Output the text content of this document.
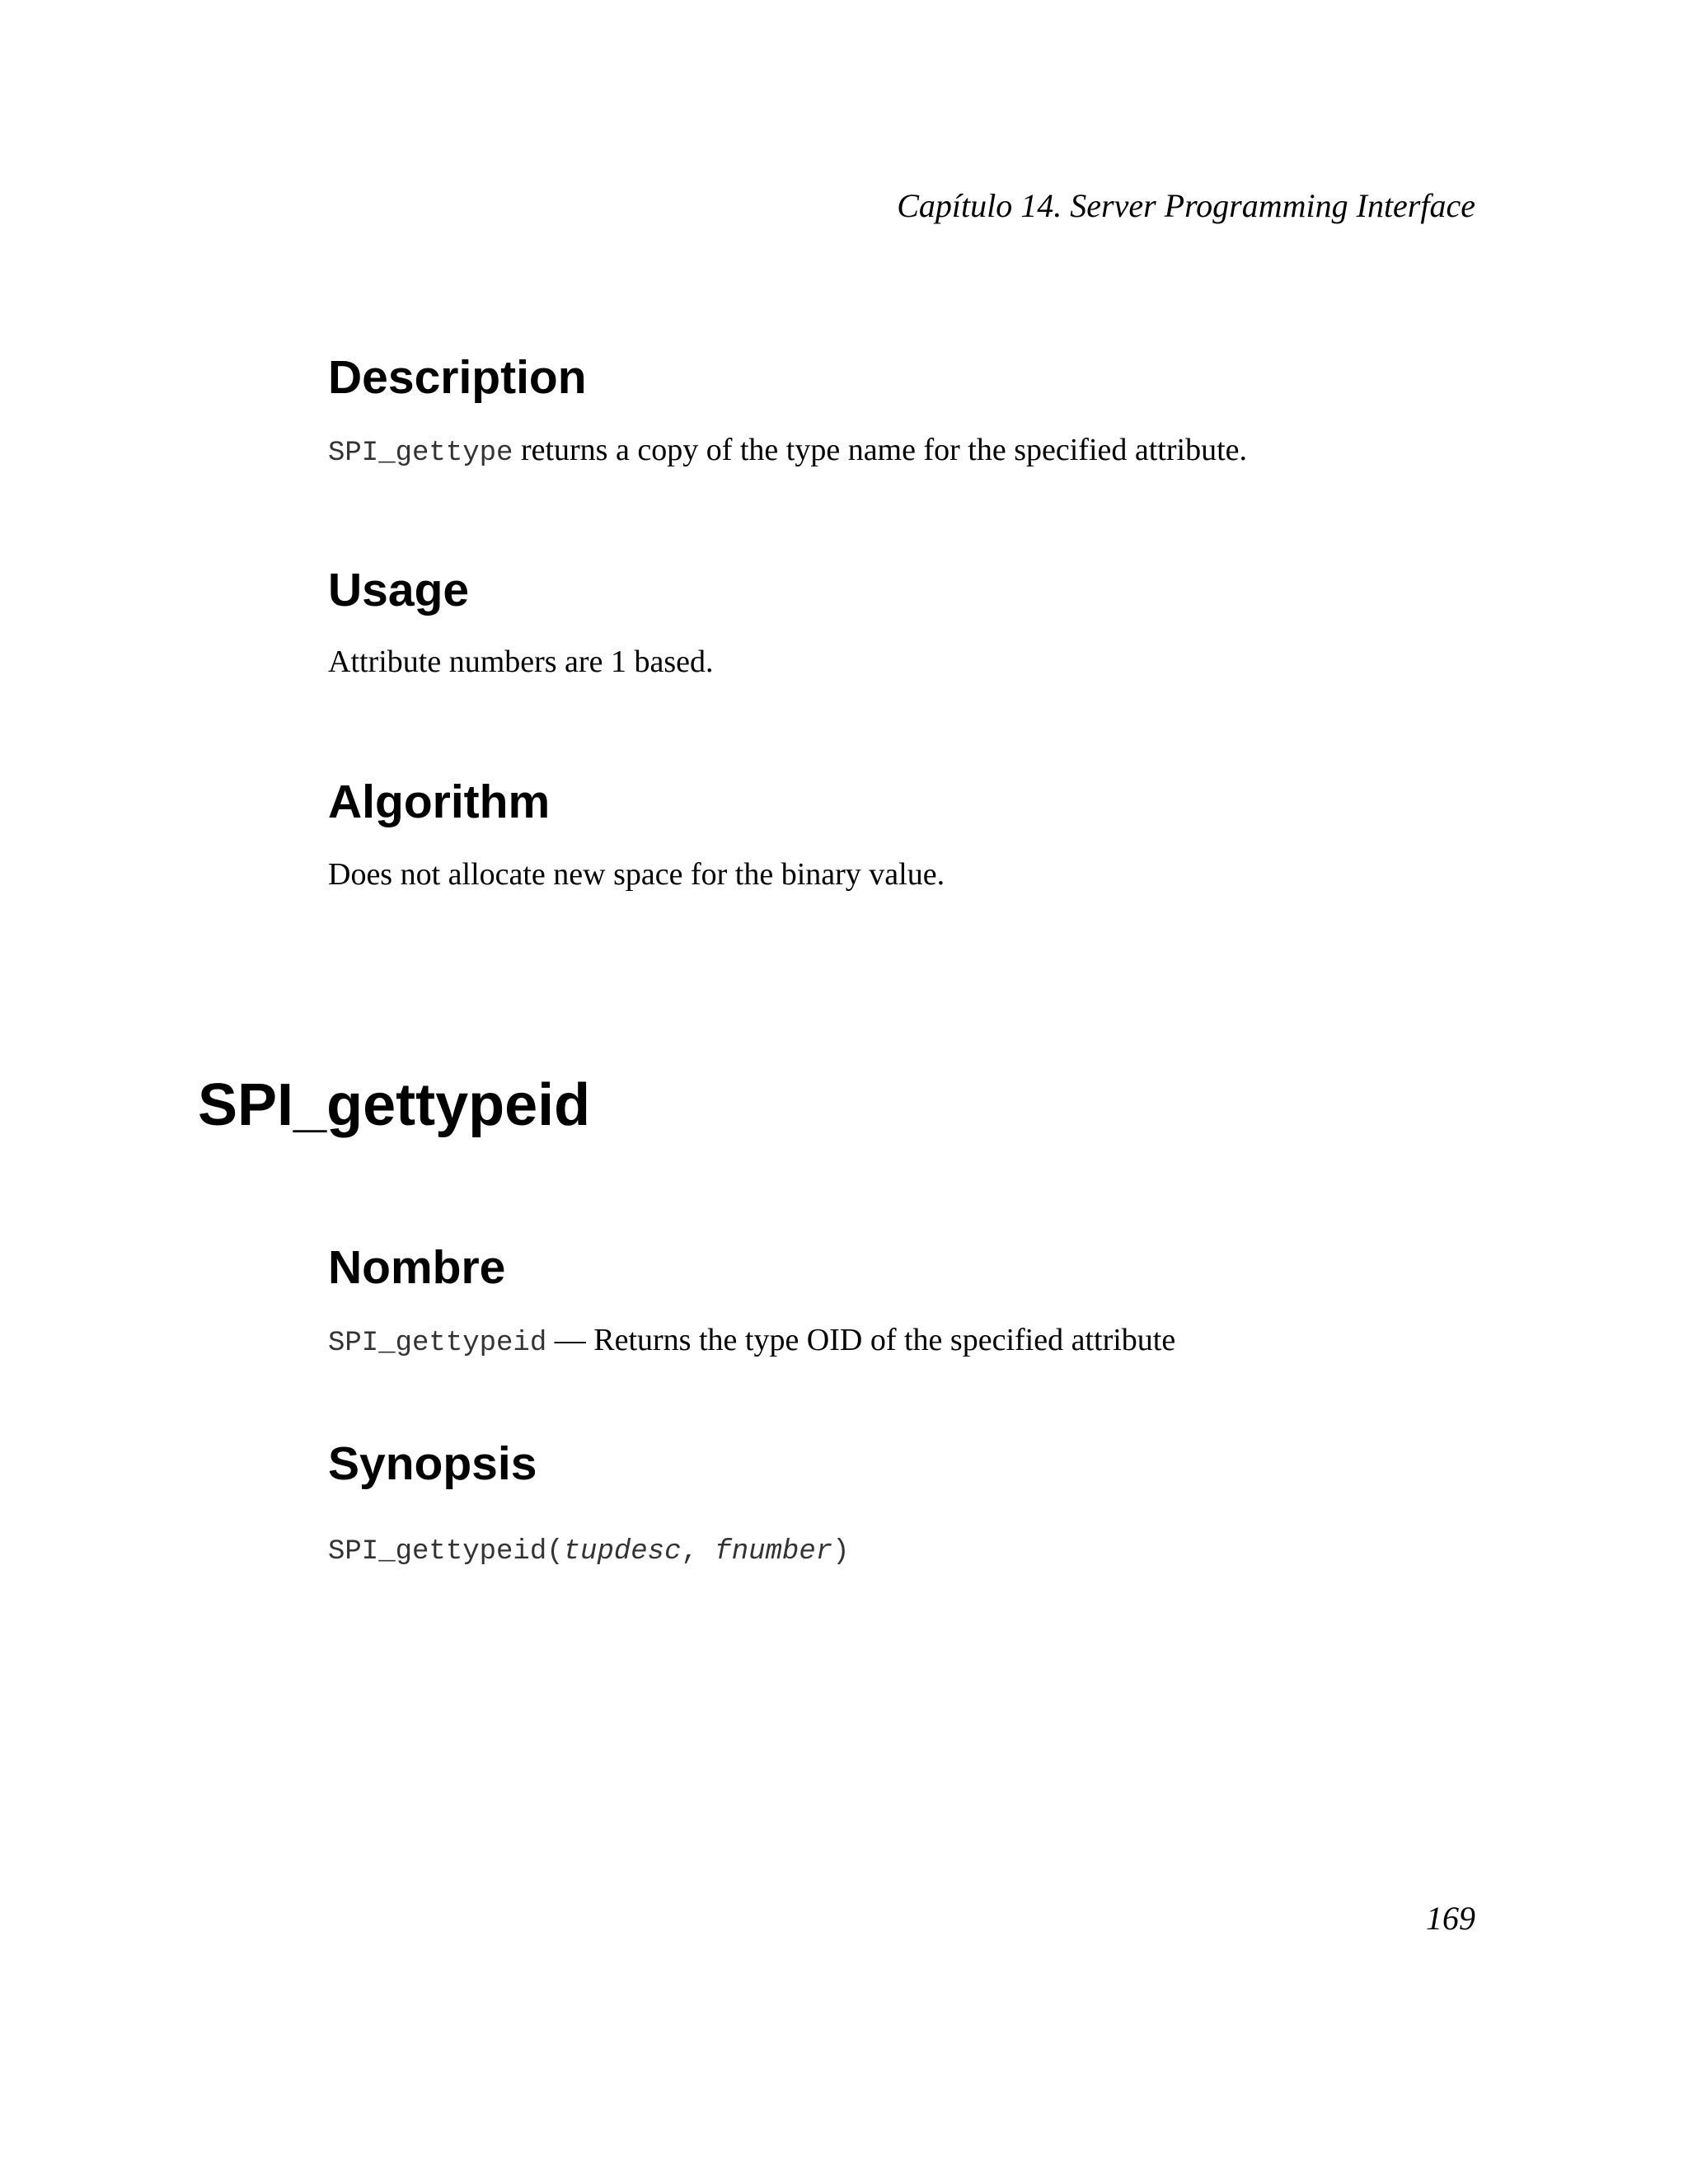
Capítulo 14. Server Programming Interface
Description

SPI_gettype returns a copy of the type name for the specified attribute.

Usage

Attribute numbers are 1 based.

Algorithm

Does not allocate new space for the binary value.

SPI_gettypeid
Nombre

SPI_gettypeid — Returns the type OID of the specified attribute

Synopsis

SPI_gettypeid(tupdesc, fnumber)

169
